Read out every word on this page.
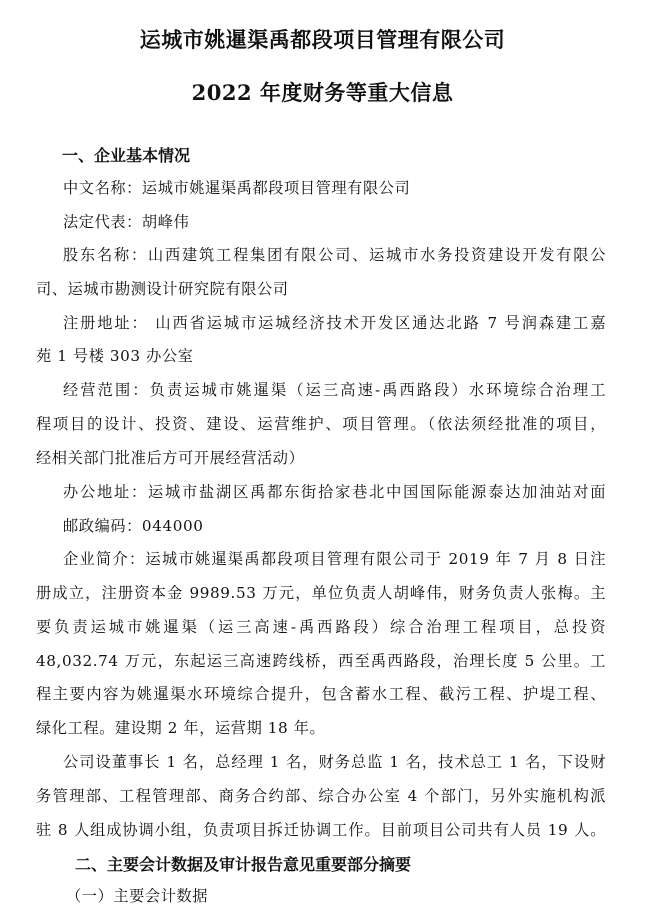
运城市姚暹渠禹都段项目管理有限公司
2022 年度财务等重大信息
一、企业基本情况
中文名称：运城市姚暹渠禹都段项目管理有限公司
法定代表：胡峰伟
股东名称：山西建筑工程集团有限公司、运城市水务投资建设开发有限公
司、运城市勘测设计研究院有限公司
注册地址： 山西省运城市运城经济技术开发区通达北路 7 号润森建工嘉
苑 1 号楼 303 办公室
经营范围：负责运城市姚暹渠（运三高速-禹西路段）水环境综合治理工
程项目的设计、投资、建设、运营维护、项目管理。（依法须经批准的项目，
经相关部门批准后方可开展经营活动）
办公地址：运城市盐湖区禹都东街拾家巷北中国国际能源泰达加油站对面
邮政编码：044000
企业简介：运城市姚暹渠禹都段项目管理有限公司于 2019 年 7 月 8 日注
册成立，注册资本金 9989.53 万元，单位负责人胡峰伟，财务负责人张梅。主
要负责运城市姚暹渠（运三高速-禹西路段）综合治理工程项目，总投资
48,032.74 万元，东起运三高速跨线桥，西至禹西路段，治理长度 5 公里。工
程主要内容为姚暹渠水环境综合提升，包含蓄水工程、截污工程、护堤工程、
绿化工程。建设期 2 年，运营期 18 年。
公司设董事长 1 名，总经理 1 名，财务总监 1 名，技术总工 1 名，下设财
务管理部、工程管理部、商务合约部、综合办公室 4 个部门，另外实施机构派
驻 8 人组成协调小组，负责项目拆迁协调工作。目前项目公司共有人员 19 人。
二、主要会计数据及审计报告意见重要部分摘要
（一）主要会计数据
